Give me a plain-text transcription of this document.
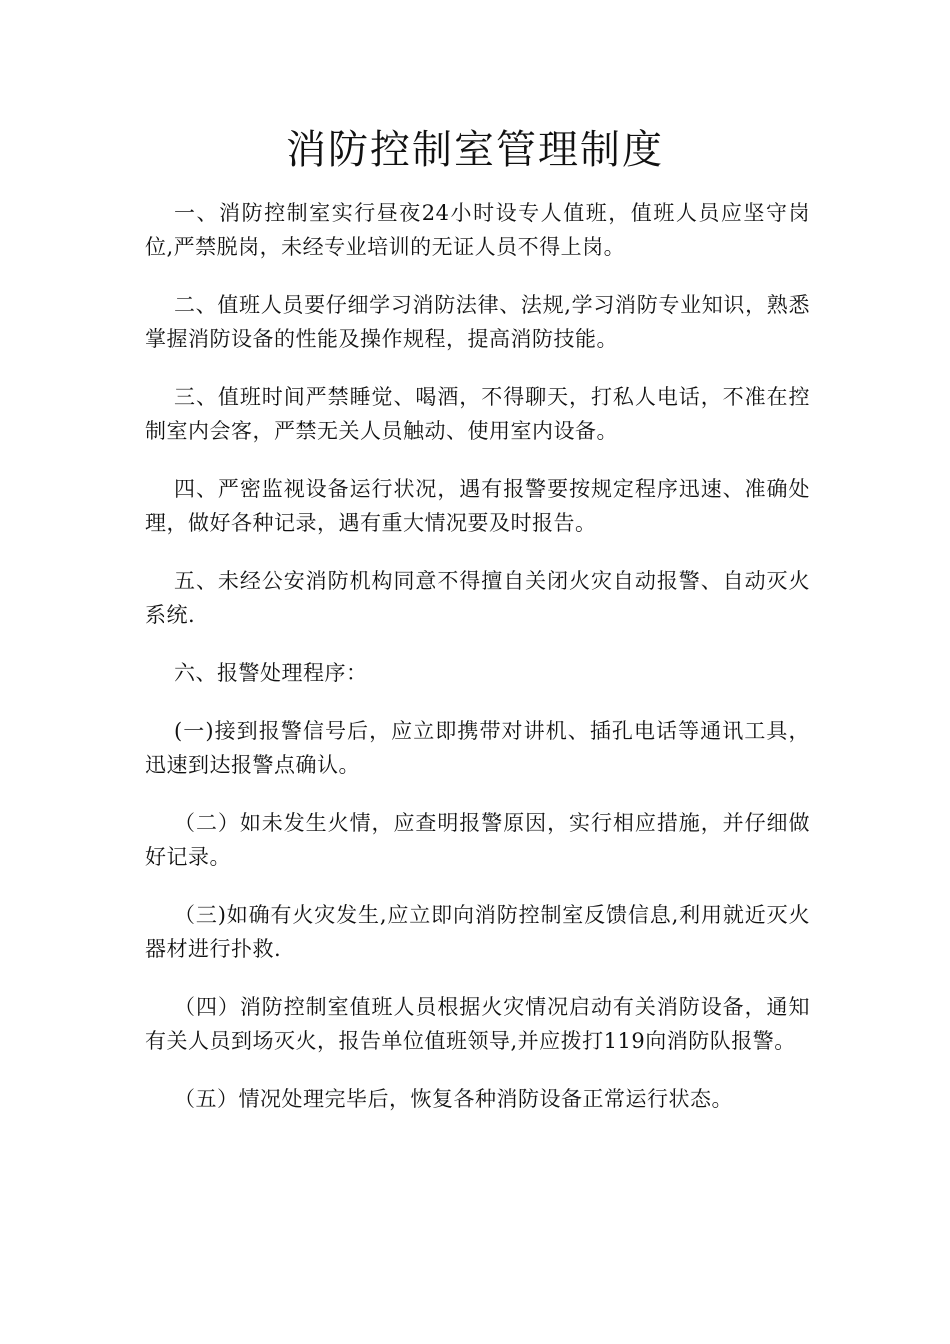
消防控制室管理制度

一、消防控制室实行昼夜24小时设专人值班，值班人员应坚守岗位,严禁脱岗，未经专业培训的无证人员不得上岗。

二、值班人员要仔细学习消防法律、法规,学习消防专业知识，熟悉掌握消防设备的性能及操作规程，提高消防技能。

三、值班时间严禁睡觉、喝酒，不得聊天，打私人电话，不准在控制室内会客，严禁无关人员触动、使用室内设备。

四、严密监视设备运行状况，遇有报警要按规定程序迅速、准确处理，做好各种记录，遇有重大情况要及时报告。

五、未经公安消防机构同意不得擅自关闭火灾自动报警、自动灭火系统.

六、报警处理程序：

(一)接到报警信号后，应立即携带对讲机、插孔电话等通讯工具，迅速到达报警点确认。

（二）如未发生火情，应查明报警原因，实行相应措施，并仔细做好记录。

（三)如确有火灾发生,应立即向消防控制室反馈信息,利用就近灭火器材进行扑救.

（四）消防控制室值班人员根据火灾情况启动有关消防设备，通知有关人员到场灭火，报告单位值班领导,并应拨打119向消防队报警。

（五）情况处理完毕后，恢复各种消防设备正常运行状态。
